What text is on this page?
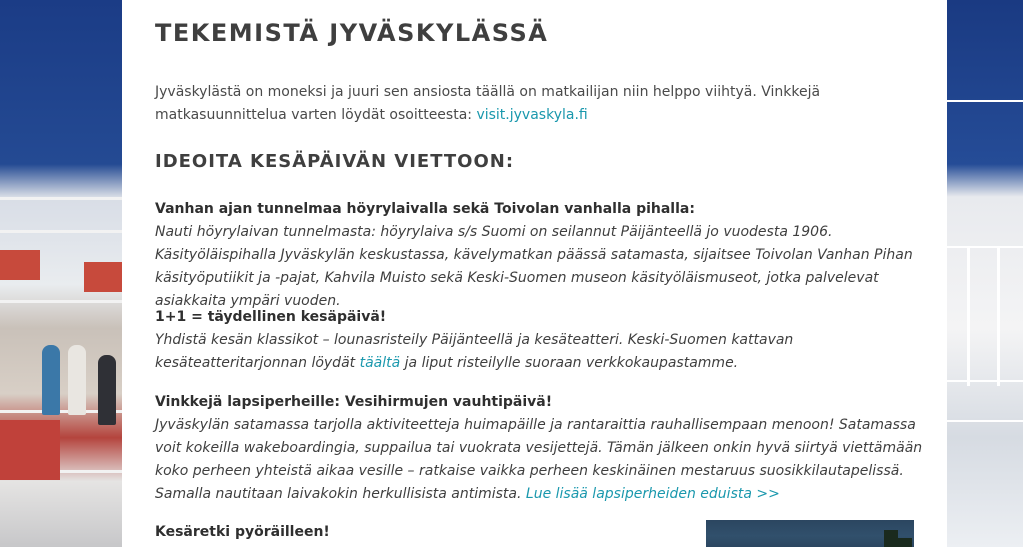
TEKEMISTÄ JYVÄSKYLÄSSÄ
Jyväskylästä on moneksi ja juuri sen ansiosta täällä on matkailijan niin helppo viihtyä. Vinkkejä matkasuunnittelua varten löydät osoitteesta: visit.jyvaskyla.fi
IDEOITA KESÄPÄIVÄN VIETTOON:
Vanhan ajan tunnelmaa höyrylaivalla sekä Toivolan vanhalla pihalla:
Nauti höyrylaivan tunnelmasta: höyrylaiva s/s Suomi on seilannut Päijänteellä jo vuodesta 1906. Käsityöläispihalla Jyväskylän keskustassa, kävelymatkan päässä satamasta, sijaitsee Toivolan Vanhan Pihan käsityöputiikit ja -pajat, Kahvila Muisto sekä Keski-Suomen museon käsityöläismuseot, jotka palvelevat asiakkaita ympäri vuoden.
1+1 = täydellinen kesäpäivä!
Yhdistä kesän klassikot – lounasristeily Päijänteellä ja kesäteatteri. Keski-Suomen kattavan kesäteatteritarjonnan löydät täältä ja liput risteilylle suoraan verkkokaupastamme.
Vinkkejä lapsiperheille: Vesihirmujen vauhtipäivä!
Jyväskylän satamassa tarjolla aktiviteetteja huimapäille ja rantaraittia rauhallisempaan menoon! Satamassa voit kokeilla wakeboardingia, suppailua tai vuokrata vesijettejä. Tämän jälkeen onkin hyvä siirtyä viettämään koko perheen yhteistä aikaa vesille – ratkaise vaikka perheen keskinäinen mestaruus suosikkilautapelissä. Samalla nautitaan laivakokin herkullisista antimista. Lue lisää lapsiperheiden eduista >>
Kesäretki pyöräilleen!
